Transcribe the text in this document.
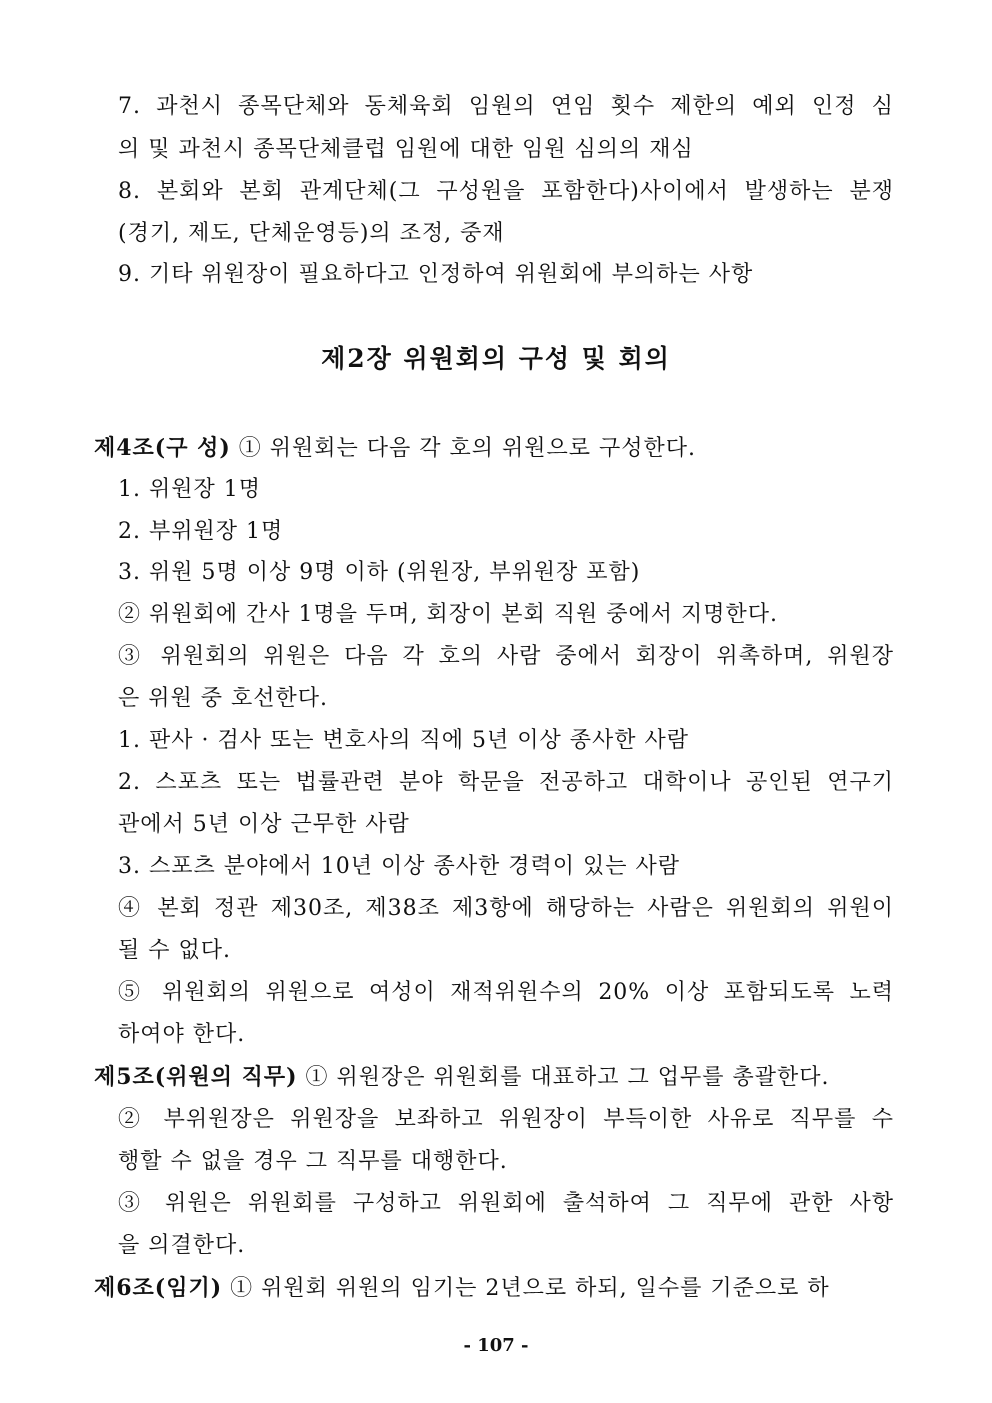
7. 과천시 종목단체와 동체육회 임원의 연임 횟수 제한의 예외 인정 심
의 및 과천시 종목단체클럽 임원에 대한 임원 심의의 재심
8. 본회와 본회 관계단체(그 구성원을 포함한다)사이에서 발생하는 분쟁
(경기, 제도, 단체운영등)의 조정, 중재
9. 기타 위원장이 필요하다고 인정하여 위원회에 부의하는 사항
제2장 위원회의 구성 및 회의
제4조(구 성) ① 위원회는 다음 각 호의 위원으로 구성한다.
1. 위원장 1명
2. 부위원장 1명
3. 위원 5명 이상 9명 이하 (위원장, 부위원장 포함)
② 위원회에 간사 1명을 두며, 회장이 본회 직원 중에서 지명한다.
③ 위원회의 위원은 다음 각 호의 사람 중에서 회장이 위촉하며, 위원장
은 위원 중 호선한다.
1. 판사 · 검사 또는 변호사의 직에 5년 이상 종사한 사람
2. 스포츠 또는 법률관련 분야 학문을 전공하고 대학이나 공인된 연구기
관에서 5년 이상 근무한 사람
3. 스포츠 분야에서 10년 이상 종사한 경력이 있는 사람
④ 본회 정관 제30조, 제38조 제3항에 해당하는 사람은 위원회의 위원이
될 수 없다.
⑤ 위원회의 위원으로 여성이 재적위원수의 20% 이상 포함되도록 노력
하여야 한다.
제5조(위원의 직무) ① 위원장은 위원회를 대표하고 그 업무를 총괄한다.
② 부위원장은 위원장을 보좌하고 위원장이 부득이한 사유로 직무를 수
행할 수 없을 경우 그 직무를 대행한다.
③ 위원은 위원회를 구성하고 위원회에 출석하여 그 직무에 관한 사항
을 의결한다.
제6조(임기) ① 위원회 위원의 임기는 2년으로 하되, 일수를 기준으로 하
- 107 -
